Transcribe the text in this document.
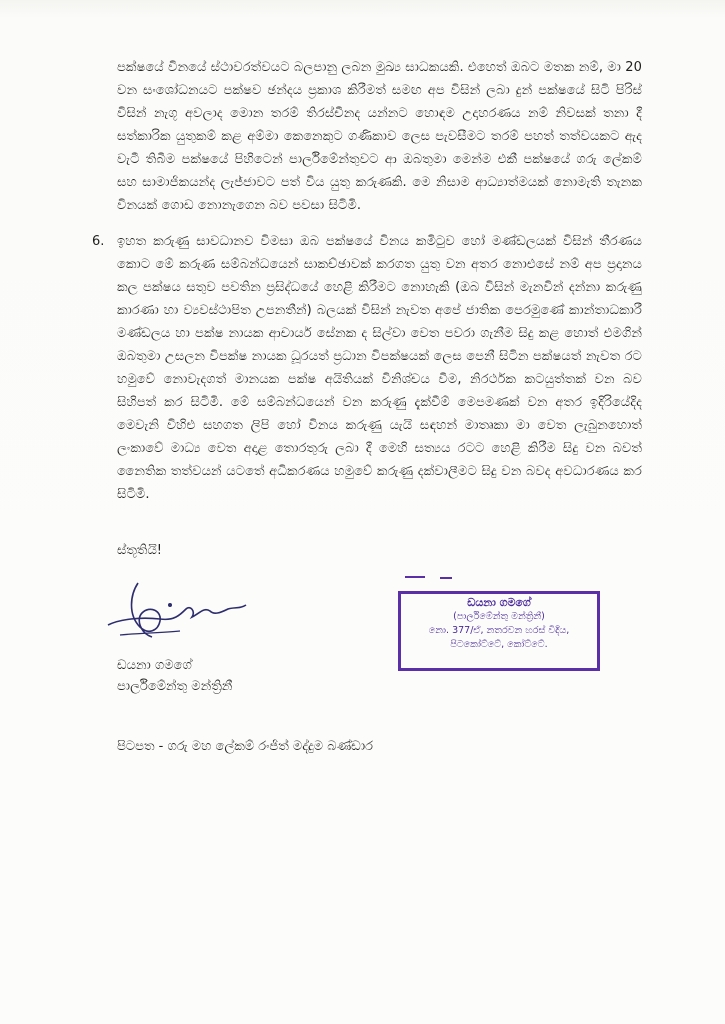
පක්ෂයේ විනයේ ස්ථාවරත්වයට බලපානු ලබන මුඛ්‍ය සාධකයකි. එහෙත් ඔබට මතක නම්, මා 20 වන සංශෝධනයට පක්ෂව ඡන්දය ප්‍රකාශ කිරීමත් සමඟ අප විසින් ලබා දුන් පක්ෂයේ සිටි පිරිස් විසින් නැගූ අවලාද මොන තරම් තිරස්චීනද යන්නට හොඳම උදාහරණය නම් නිවසක් තනා දී සත්කාරික යුතුකම් කළ අම්මා කෙනෙකුට ගණිකාව ලෙස පැවසීමට තරම් පහත් තත්වයකට ඇද වැටී තිබීම පක්ෂයේ පිහිටෙන් පාර්ලිමේන්තුවට ආ ඔබතුමා මෙන්ම එකී පක්ෂයේ ගරු ලේකම් සහ සාමාජිකයන්ද ලැජ්ජාවට පත් විය යුතු කරුණකි. මෙ නිසාම ආධ්‍යාත්මයක් නොමැති තැනක විනයක් ගොඩ නොනැගෙන බව පවසා සිටිමි.
6. ඉහත කරුණු සාවධානව විමසා ඔබ පක්ෂයේ විනය කමිටුව හෝ මණ්ඩලයක් විසින් තීරණය කොට මේ කරුණ සම්බන්ධයෙන් සාකච්ඡාවක් කරගත යුතු වන අතර නොඑසේ නම් අප ප්‍රදානය කල පක්ෂය සතුව පවතින ප්‍රසිද්ධයේ හෙළි කිරීමට නොහැකි (ඔබ විසින් මැනවින් දන්නා කරුණු කාරණා හා ව්‍යවස්ථාපිත උපනතීන්) බලයක් විසින් නැවත අපේ ජාතික පෙරමුණේ කාන්තාධකාරී මණ්ඩලය හා පක්ෂ නායක ආචාර්ය සේනක ද සිල්වා වෙත පවරා ගැනීම සිදු කළ හොත් එමගින් ඔබතුමා උසලන විපක්ෂ නායක ධූරයත් ප්‍රධාන විපක්ෂයක් ලෙස පෙනී සිටින පක්ෂයත් නැවත රට හමුවේ නොවැදගත් මානයක පක්ෂ අයිතියක් විනිශ්චය වීම, නිරර්ථක කටයුත්තක් වන බව සිහිපත් කර සිටිමි. මේ සම්බන්ධයෙන් වන කරුණු දැක්වීම් මෙපමණක් වන අතර ඉදිරියේදිද මෙවැනි විහිළු සහගත ලිපි හෝ විනය කරුණු යැයි සඳහන් මාතෘකා මා වෙත ලැබුනහොත් ලංකාවේ මාධ්‍ය වෙත අදාළ තොරතුරු ලබා දී මෙහි සත්‍යය රටට හෙළි කිරීම සිදු වන බවත් නෛතික තත්වයන් යටතේ අධිකරණය හමුවේ කරුණු දක්වාලීමට සිදු වන බවද අවධාරණය කර සිටිමි.
ස්තූතියි!
ඩයනා ගමගේ
පාර්ලිමේන්තු මන්ත්‍රිනී
පිටපත - ගරු මහ ලේකම් රංජිත් මද්දුම බණ්ඩාර
ඩයනා ගමගේ
(පාර්ලිමේන්තු මන්ත්‍රිනී)
නො. 377/ඒ, නතරවන හරස් විදිය,
පිටකෝට්ටේ, කෝට්ටේ.
